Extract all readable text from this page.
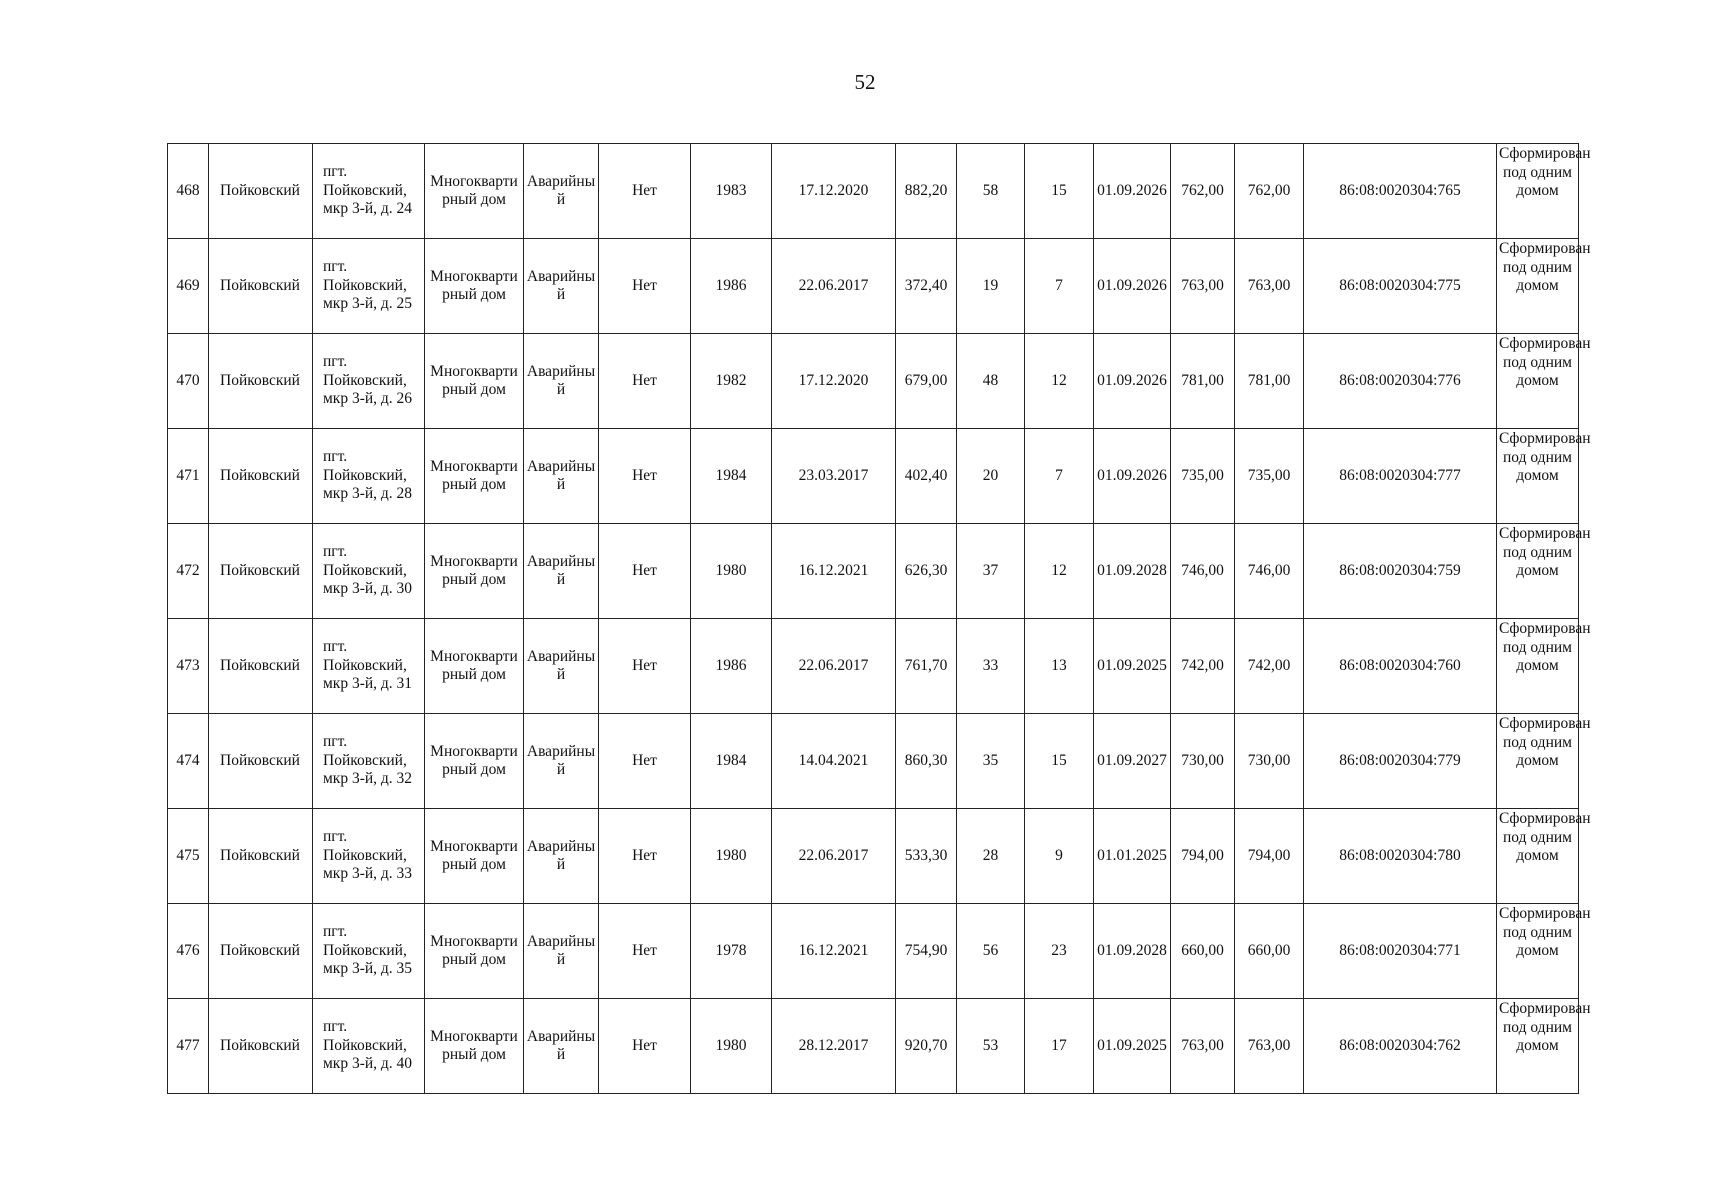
52
468	Пойковский	пгт. Пойковский, мкр 3-й, д. 24	Многоквартирный дом	Аварийный	Нет	1983	17.12.2020	882,20	58	15	01.09.2026	762,00	762,00	86:08:0020304:765	Сформирован под одним домом
469	Пойковский	пгт. Пойковский, мкр 3-й, д. 25	Многоквартирный дом	Аварийный	Нет	1986	22.06.2017	372,40	19	7	01.09.2026	763,00	763,00	86:08:0020304:775	Сформирован под одним домом
470	Пойковский	пгт. Пойковский, мкр 3-й, д. 26	Многоквартирный дом	Аварийный	Нет	1982	17.12.2020	679,00	48	12	01.09.2026	781,00	781,00	86:08:0020304:776	Сформирован под одним домом
471	Пойковский	пгт. Пойковский, мкр 3-й, д. 28	Многоквартирный дом	Аварийный	Нет	1984	23.03.2017	402,40	20	7	01.09.2026	735,00	735,00	86:08:0020304:777	Сформирован под одним домом
472	Пойковский	пгт. Пойковский, мкр 3-й, д. 30	Многоквартирный дом	Аварийный	Нет	1980	16.12.2021	626,30	37	12	01.09.2028	746,00	746,00	86:08:0020304:759	Сформирован под одним домом
473	Пойковский	пгт. Пойковский, мкр 3-й, д. 31	Многоквартирный дом	Аварийный	Нет	1986	22.06.2017	761,70	33	13	01.09.2025	742,00	742,00	86:08:0020304:760	Сформирован под одним домом
474	Пойковский	пгт. Пойковский, мкр 3-й, д. 32	Многоквартирный дом	Аварийный	Нет	1984	14.04.2021	860,30	35	15	01.09.2027	730,00	730,00	86:08:0020304:779	Сформирован под одним домом
475	Пойковский	пгт. Пойковский, мкр 3-й, д. 33	Многоквартирный дом	Аварийный	Нет	1980	22.06.2017	533,30	28	9	01.01.2025	794,00	794,00	86:08:0020304:780	Сформирован под одним домом
476	Пойковский	пгт. Пойковский, мкр 3-й, д. 35	Многоквартирный дом	Аварийный	Нет	1978	16.12.2021	754,90	56	23	01.09.2028	660,00	660,00	86:08:0020304:771	Сформирован под одним домом
477	Пойковский	пгт. Пойковский, мкр 3-й, д. 40	Многоквартирный дом	Аварийный	Нет	1980	28.12.2017	920,70	53	17	01.09.2025	763,00	763,00	86:08:0020304:762	Сформирован под одним домом
